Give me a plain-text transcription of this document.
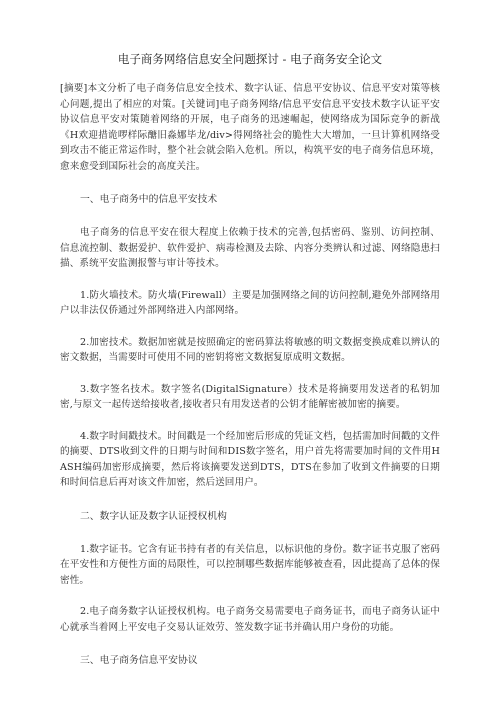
电子商务网络信息安全问题探讨 - 电子商务安全论文

[摘要]本文分析了电子商务信息安全技术、数字认证、信息平安协议、信息平安对策等核心问题,提出了相应的对策。[关键词]电子商务网络/信息平安信息平安技术数字认证平安协议信息平安对策随着网络的开展，电子商务的迅速崛起，使网络成为国际竞争的新战《H欢迎措诡啰样际醣旧淼娜毕龙/div>得网络社会的脆性大大增加，一旦计算机网络受到攻击不能正常运作时，整个社会就会陷入危机。所以，构筑平安的电子商务信息环境，愈来愈受到国际社会的高度关注。

一、电子商务中的信息平安技术

电子商务的信息平安在很大程度上依赖于技术的完善,包括密码、鉴别、访问控制、信息流控制、数据爱护、软件爱护、病毒检测及去除、内容分类辨认和过滤、网络隐患扫描、系统平安监测报警与审计等技术。

1.防火墙技术。防火墙(Firewall）主要是加强网络之间的访问控制,避免外部网络用户以非法仅侨通过外部网络进入内部网络。

2.加密技术。数据加密就是按照确定的密码算法将敏感的明文数据变换成难以辨认的密文数据，当需要时可使用不同的密钥将密文数据复原成明文数据。

3.数字签名技术。数字签名(DigitalSignature）技术是将摘要用发送者的私钥加密,与原文一起传送给接收者,接收者只有用发送者的公钥才能解密被加密的摘要。

4.数字时间戳技术。时间戳是一个经加密后形成的凭证文档，包括需加时间戳的文件的摘要、DTS收到文件的日期与时间和DIS数字签名，用户首先将需要加时间的文件用HASH编码加密形成摘要，然后将该摘要发送到DTS，DTS在参加了收到文件摘要的日期和时间信息后再对该文件加密，然后送回用户。

二、数字认证及数字认证授权机构

1.数字证书。它含有证书持有者的有关信息，以标识他的身份。数字证书克服了密码在平安性和方便性方面的局限性，可以控制哪些数据库能够被查看，因此提高了总体的保密性。

2.电子商务数字认证授权机构。电子商务交易需要电子商务证书，而电子商务认证中心就承当着网上平安电子交易认证效劳、签发数字证书并确认用户身份的功能。

三、电子商务信息平安协议
